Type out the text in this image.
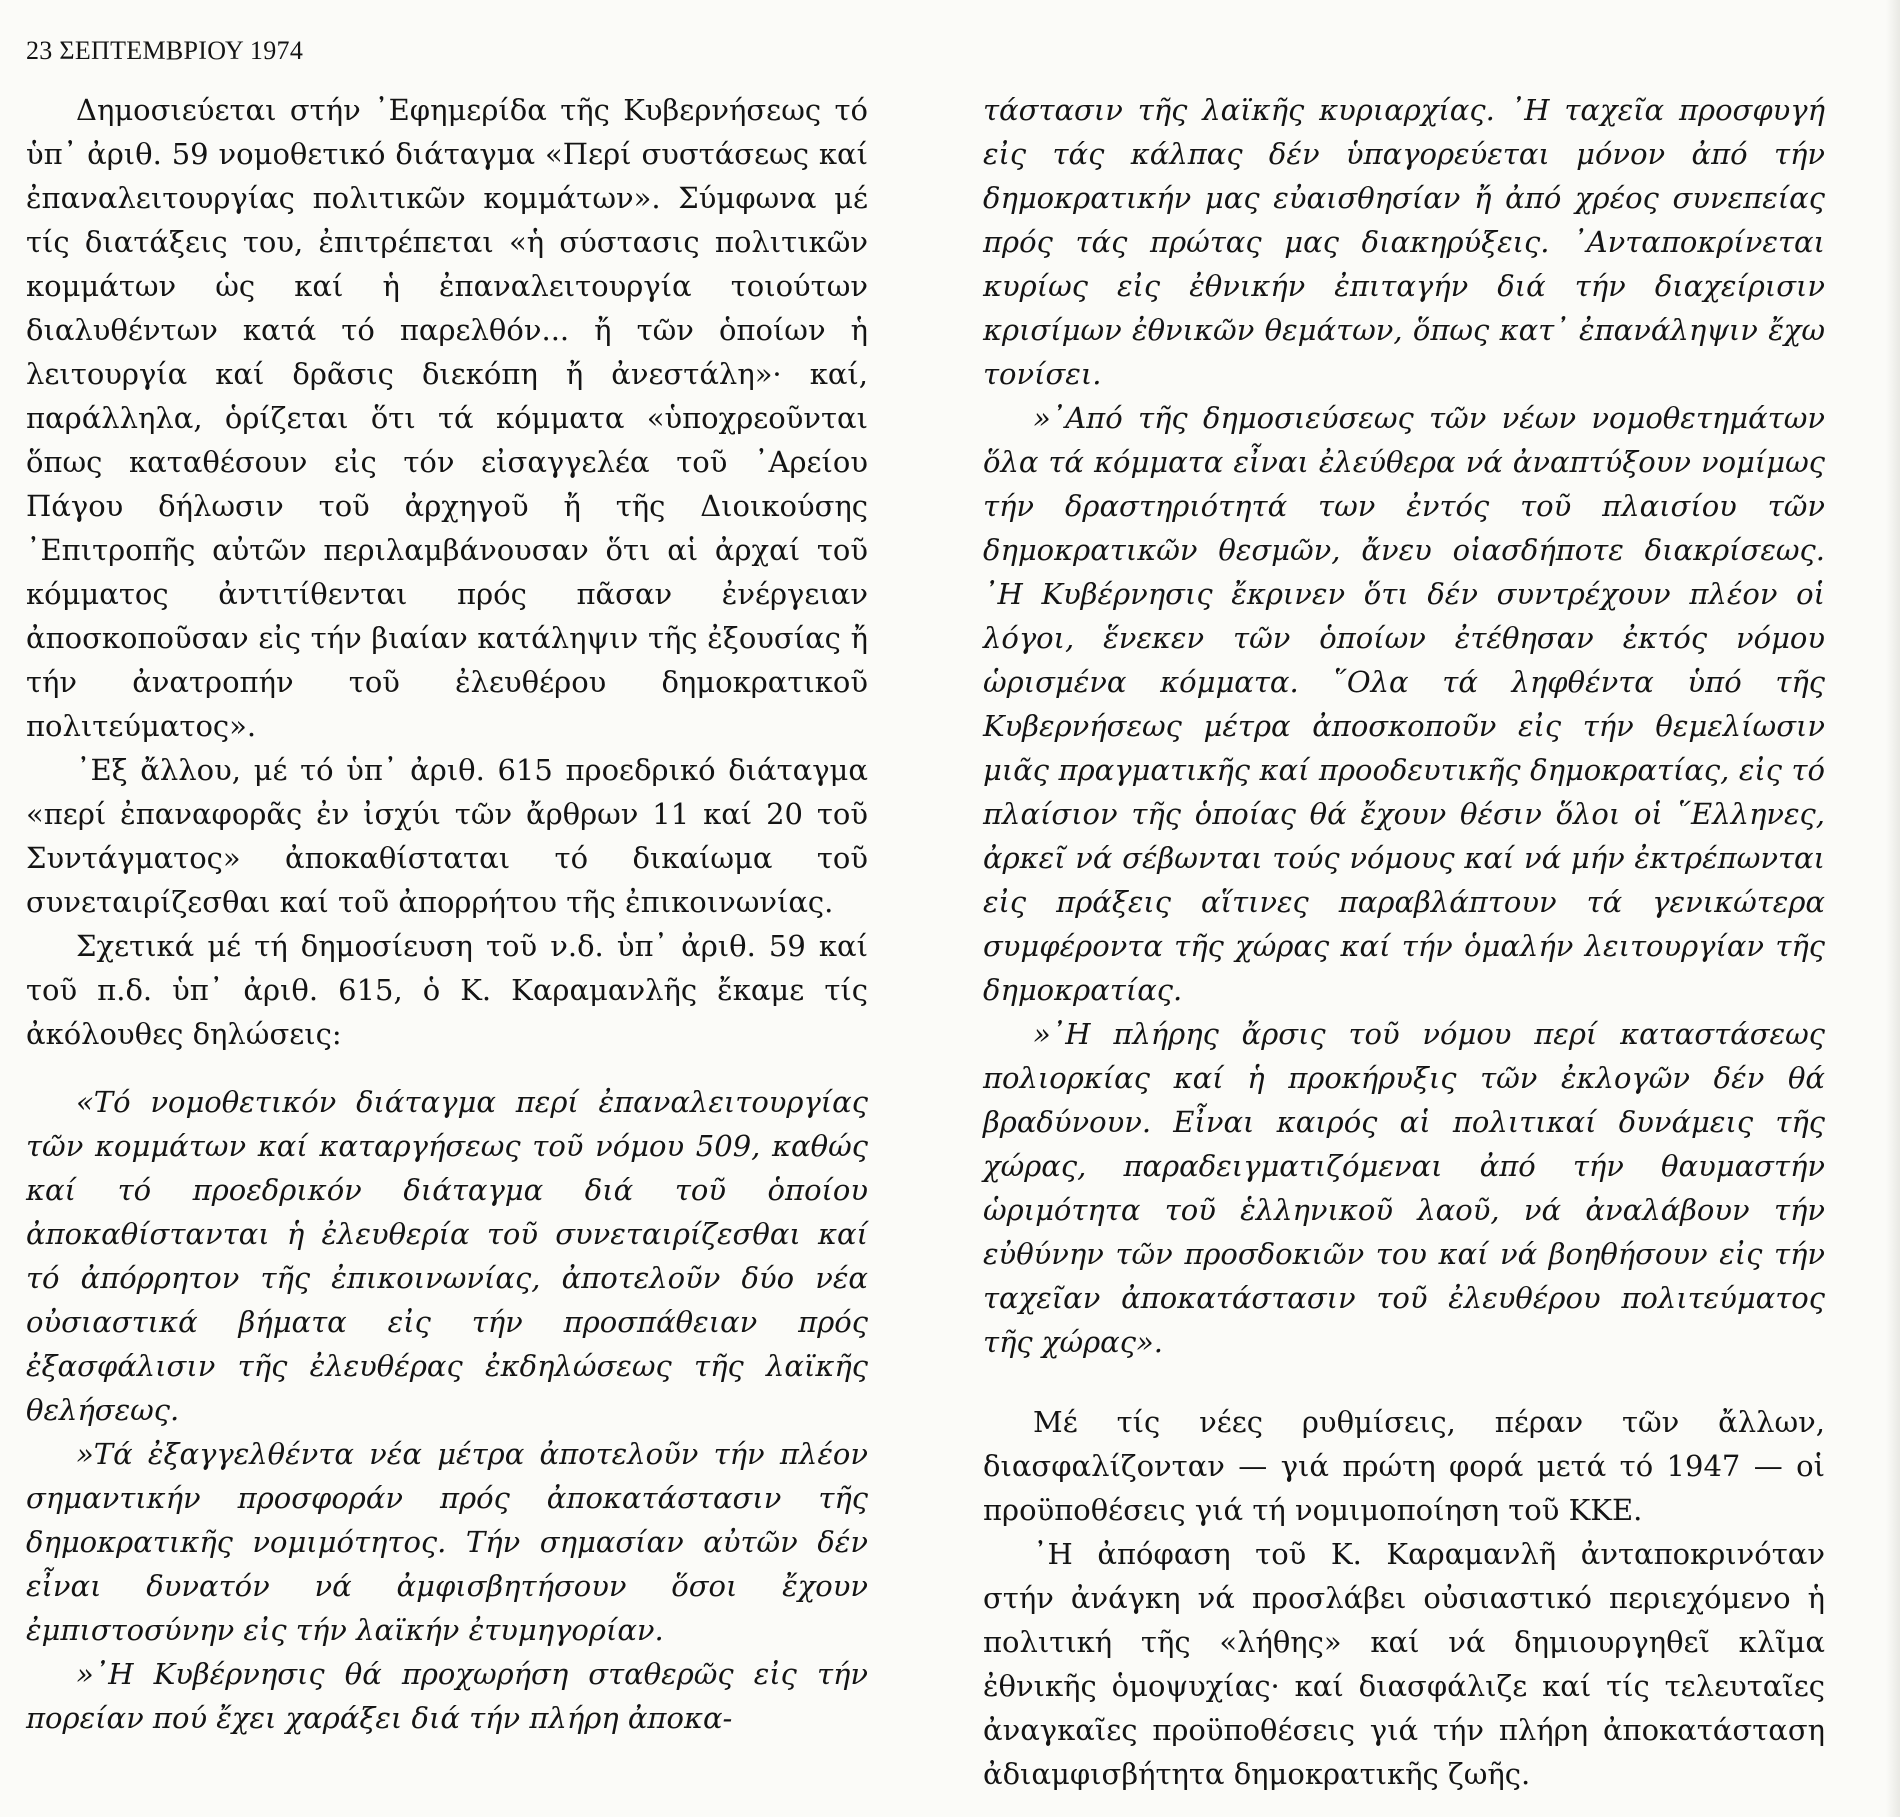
23 ΣΕΠΤΕΜΒΡΙΟΥ 1974

Δημοσιεύεται στήν ᾿Εφημερίδα τῆς Κυβερνήσεως τό ὑπ᾿ ἀριθ. 59 νομοθετικό διάταγμα «Περί συστάσεως καί ἐπαναλειτουργίας πολιτικῶν κομμάτων». Σύμφωνα μέ τίς διατάξεις του, ἐπιτρέπεται «ἡ σύστασις πολιτικῶν κομμάτων ὡς καί ἡ ἐπαναλειτουργία τοιούτων διαλυθέντων κατά τό παρελθόν... ἤ τῶν ὁποίων ἡ λειτουργία καί δρᾶσις διεκόπη ἤ ἀνεστάλη»· καί, παράλληλα, ὁρίζεται ὅτι τά κόμματα «ὑποχρεοῦνται ὅπως καταθέσουν εἰς τόν εἰσαγγελέα τοῦ ᾿Αρείου Πάγου δήλωσιν τοῦ ἀρχηγοῦ ἤ τῆς Διοικούσης ᾿Επιτροπῆς αὐτῶν περιλαμβάνουσαν ὅτι αἱ ἀρχαί τοῦ κόμματος ἀντιτίθενται πρός πᾶσαν ἐνέργειαν ἀποσκοποῦσαν εἰς τήν βιαίαν κατάληψιν τῆς ἐξουσίας ἤ τήν ἀνατροπήν τοῦ ἐλευθέρου δημοκρατικοῦ πολιτεύματος».

᾿Εξ ἄλλου, μέ τό ὑπ᾿ ἀριθ. 615 προεδρικό διάταγμα «περί ἐπαναφορᾶς ἐν ἰσχύι τῶν ἄρθρων 11 καί 20 τοῦ Συντάγματος» ἀποκαθίσταται τό δικαίωμα τοῦ συνεταιρίζεσθαι καί τοῦ ἀπορρήτου τῆς ἐπικοινωνίας.

Σχετικά μέ τή δημοσίευση τοῦ ν.δ. ὑπ᾿ ἀριθ. 59 καί τοῦ π.δ. ὑπ᾿ ἀριθ. 615, ὁ Κ. Καραμανλῆς ἔκαμε τίς ἀκόλουθες δηλώσεις:

«Τό νομοθετικόν διάταγμα περί ἐπαναλειτουργίας τῶν κομμάτων καί καταργήσεως τοῦ νόμου 509, καθώς καί τό προεδρικόν διάταγμα διά τοῦ ὁποίου ἀποκαθίστανται ἡ ἐλευθερία τοῦ συνεταιρίζεσθαι καί τό ἀπόρρητον τῆς ἐπικοινωνίας, ἀποτελοῦν δύο νέα οὐσιαστικά βήματα εἰς τήν προσπάθειαν πρός ἐξασφάλισιν τῆς ἐλευθέρας ἐκδηλώσεως τῆς λαϊκῆς θελήσεως.

»Τά ἐξαγγελθέντα νέα μέτρα ἀποτελοῦν τήν πλέον σημαντικήν προσφοράν πρός ἀποκατάστασιν τῆς δημοκρατικῆς νομιμότητος. Τήν σημασίαν αὐτῶν δέν εἶναι δυνατόν νά ἀμφισβητήσουν ὅσοι ἔχουν ἐμπιστοσύνην εἰς τήν λαϊκήν ἐτυμηγορίαν.

»᾿Η Κυβέρνησις θά προχωρήση σταθερῶς εἰς τήν πορείαν πού ἔχει χαράξει διά τήν πλήρη ἀποκα-

τάστασιν τῆς λαϊκῆς κυριαρχίας. ᾿Η ταχεῖα προσφυγή εἰς τάς κάλπας δέν ὑπαγορεύεται μόνον ἀπό τήν δημοκρατικήν μας εὐαισθησίαν ἤ ἀπό χρέος συνεπείας πρός τάς πρώτας μας διακηρύξεις. ᾿Ανταποκρίνεται κυρίως εἰς ἐθνικήν ἐπιταγήν διά τήν διαχείρισιν κρισίμων ἐθνικῶν θεμάτων, ὅπως κατ᾿ ἐπανάληψιν ἔχω τονίσει.

»᾿Από τῆς δημοσιεύσεως τῶν νέων νομοθετημάτων ὅλα τά κόμματα εἶναι ἐλεύθερα νά ἀναπτύξουν νομίμως τήν δραστηριότητά των ἐντός τοῦ πλαισίου τῶν δημοκρατικῶν θεσμῶν, ἄνευ οἱασδήποτε διακρίσεως. ᾿Η Κυβέρνησις ἔκρινεν ὅτι δέν συντρέχουν πλέον οἱ λόγοι, ἕνεκεν τῶν ὁποίων ἐτέθησαν ἐκτός νόμου ὡρισμένα κόμματα. ῞Ολα τά ληφθέντα ὑπό τῆς Κυβερνήσεως μέτρα ἀποσκοποῦν εἰς τήν θεμελίωσιν μιᾶς πραγματικῆς καί προοδευτικῆς δημοκρατίας, εἰς τό πλαίσιον τῆς ὁποίας θά ἔχουν θέσιν ὅλοι οἱ ῞Ελληνες, ἀρκεῖ νά σέβωνται τούς νόμους καί νά μήν ἐκτρέπωνται εἰς πράξεις αἵτινες παραβλάπτουν τά γενικώτερα συμφέροντα τῆς χώρας καί τήν ὁμαλήν λειτουργίαν τῆς δημοκρατίας.

»᾿Η πλήρης ἄρσις τοῦ νόμου περί καταστάσεως πολιορκίας καί ἡ προκήρυξις τῶν ἐκλογῶν δέν θά βραδύνουν. Εἶναι καιρός αἱ πολιτικαί δυνάμεις τῆς χώρας, παραδειγματιζόμεναι ἀπό τήν θαυμαστήν ὡριμότητα τοῦ ἑλληνικοῦ λαοῦ, νά ἀναλάβουν τήν εὐθύνην τῶν προσδοκιῶν του καί νά βοηθήσουν εἰς τήν ταχεῖαν ἀποκατάστασιν τοῦ ἐλευθέρου πολιτεύματος τῆς χώρας».

Μέ τίς νέες ρυθμίσεις, πέραν τῶν ἄλλων, διασφαλίζονταν — γιά πρώτη φορά μετά τό 1947 — οἱ προϋποθέσεις γιά τή νομιμοποίηση τοῦ ΚΚΕ.

᾿Η ἀπόφαση τοῦ Κ. Καραμανλῆ ἀνταποκρινόταν στήν ἀνάγκη νά προσλάβει οὐσιαστικό περιεχόμενο ἡ πολιτική τῆς «λήθης» καί νά δημιουργηθεῖ κλῖμα ἐθνικῆς ὁμοψυχίας· καί διασφάλιζε καί τίς τελευταῖες ἀναγκαῖες προϋποθέσεις γιά τήν πλήρη ἀποκατάσταση ἀδιαμφισβήτητα δημοκρατικῆς ζωῆς.
